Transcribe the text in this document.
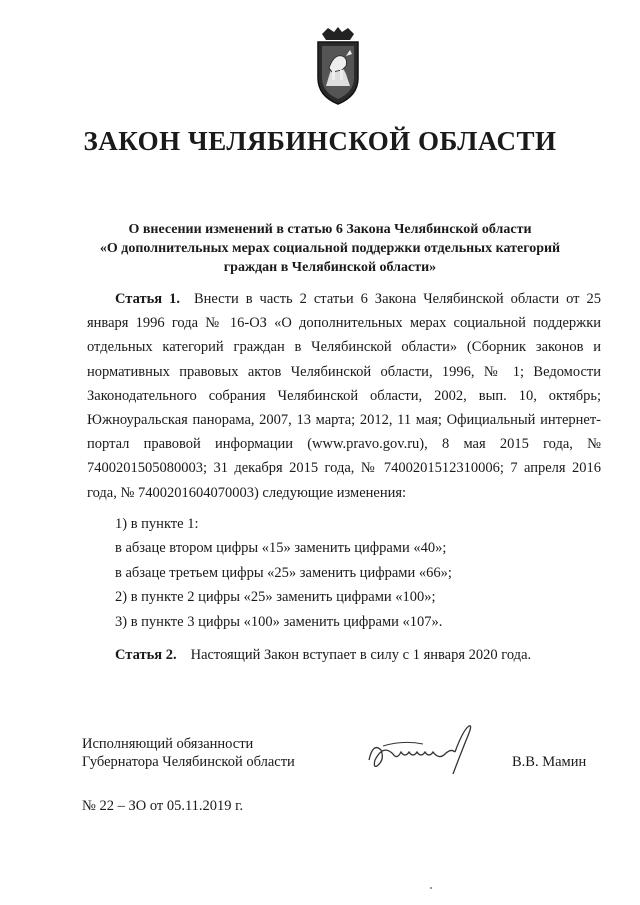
ЗАКОН ЧЕЛЯБИНСКОЙ ОБЛАСТИ
О внесении изменений в статью 6 Закона Челябинской области
«О дополнительных мерах социальной поддержки отдельных категорий
граждан в Челябинской области»
Статья 1. Внести в часть 2 статьи 6 Закона Челябинской области от 25 января 1996 года № 16-ОЗ «О дополнительных мерах социальной поддержки отдельных категорий граждан в Челябинской области» (Сборник законов и нормативных правовых актов Челябинской области, 1996, № 1; Ведомости Законодательного собрания Челябинской области, 2002, вып. 10, октябрь; Южноуральская панорама, 2007, 13 марта; 2012, 11 мая; Официальный интернет-портал правовой информации (www.pravo.gov.ru), 8 мая 2015 года, № 7400201505080003; 31 декабря 2015 года, № 7400201512310006; 7 апреля 2016 года, № 7400201604070003) следующие изменения:
1) в пункте 1:
в абзаце втором цифры «15» заменить цифрами «40»;
в абзаце третьем цифры «25» заменить цифрами «66»;
2) в пункте 2 цифры «25» заменить цифрами «100»;
3) в пункте 3 цифры «100» заменить цифрами «107».
Статья 2. Настоящий Закон вступает в силу с 1 января 2020 года.
Исполняющий обязанности
Губернатора Челябинской области	В.В. Мамин
№ 22 – ЗО от 05.11.2019 г.
